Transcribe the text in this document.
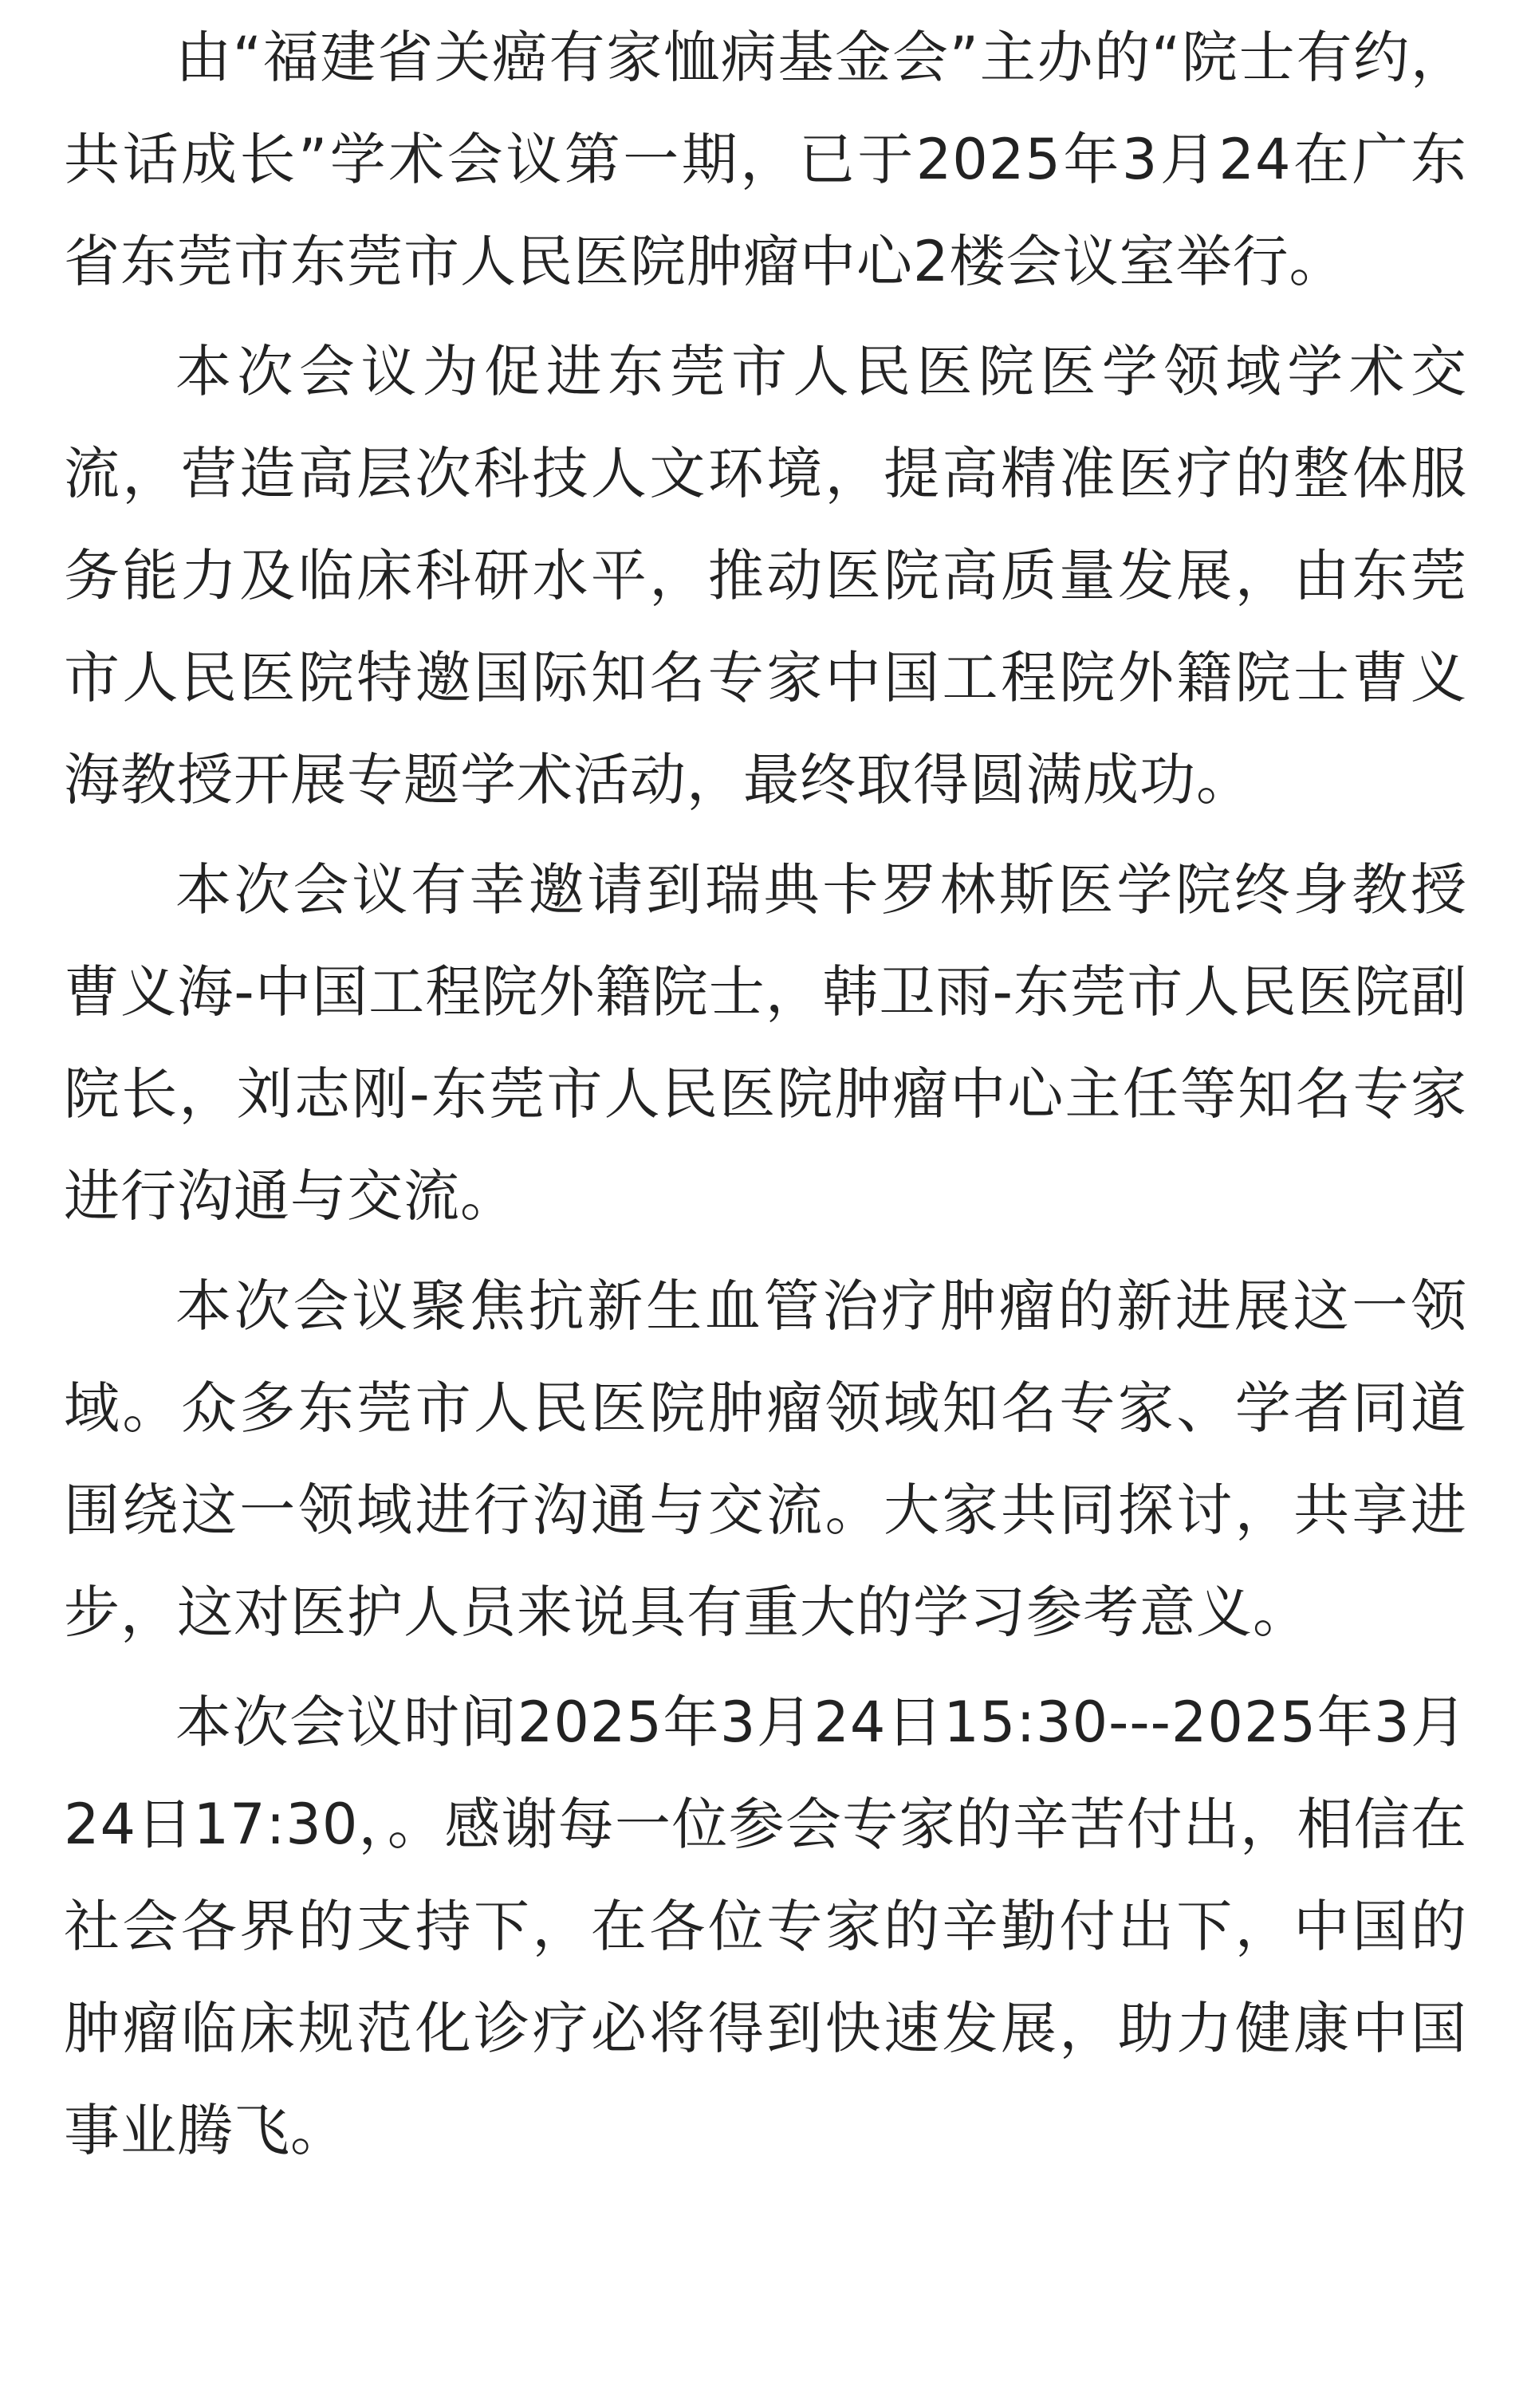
由“福建省关癌有家恤病基金会”主办的“院士有约，共话成长”学术会议第一期，已于2025年3月24在广东省东莞市东莞市人民医院肿瘤中心2楼会议室举行。

本次会议为促进东莞市人民医院医学领域学术交流，营造高层次科技人文环境，提高精准医疗的整体服务能力及临床科研水平，推动医院高质量发展，由东莞市人民医院特邀国际知名专家中国工程院外籍院士曹义海教授开展专题学术活动，最终取得圆满成功。

本次会议有幸邀请到瑞典卡罗林斯医学院终身教授曹义海-中国工程院外籍院士，韩卫雨-东莞市人民医院副院长，刘志刚-东莞市人民医院肿瘤中心主任等知名专家进行沟通与交流。

本次会议聚焦抗新生血管治疗肿瘤的新进展这一领域。众多东莞市人民医院肿瘤领域知名专家、学者同道围绕这一领域进行沟通与交流。大家共同探讨，共享进步，这对医护人员来说具有重大的学习参考意义。

本次会议时间2025年3月24日15:30---2025年3月24日17:30，。感谢每一位参会专家的辛苦付出，相信在社会各界的支持下，在各位专家的辛勤付出下，中国的肿瘤临床规范化诊疗必将得到快速发展，助力健康中国事业腾飞。
